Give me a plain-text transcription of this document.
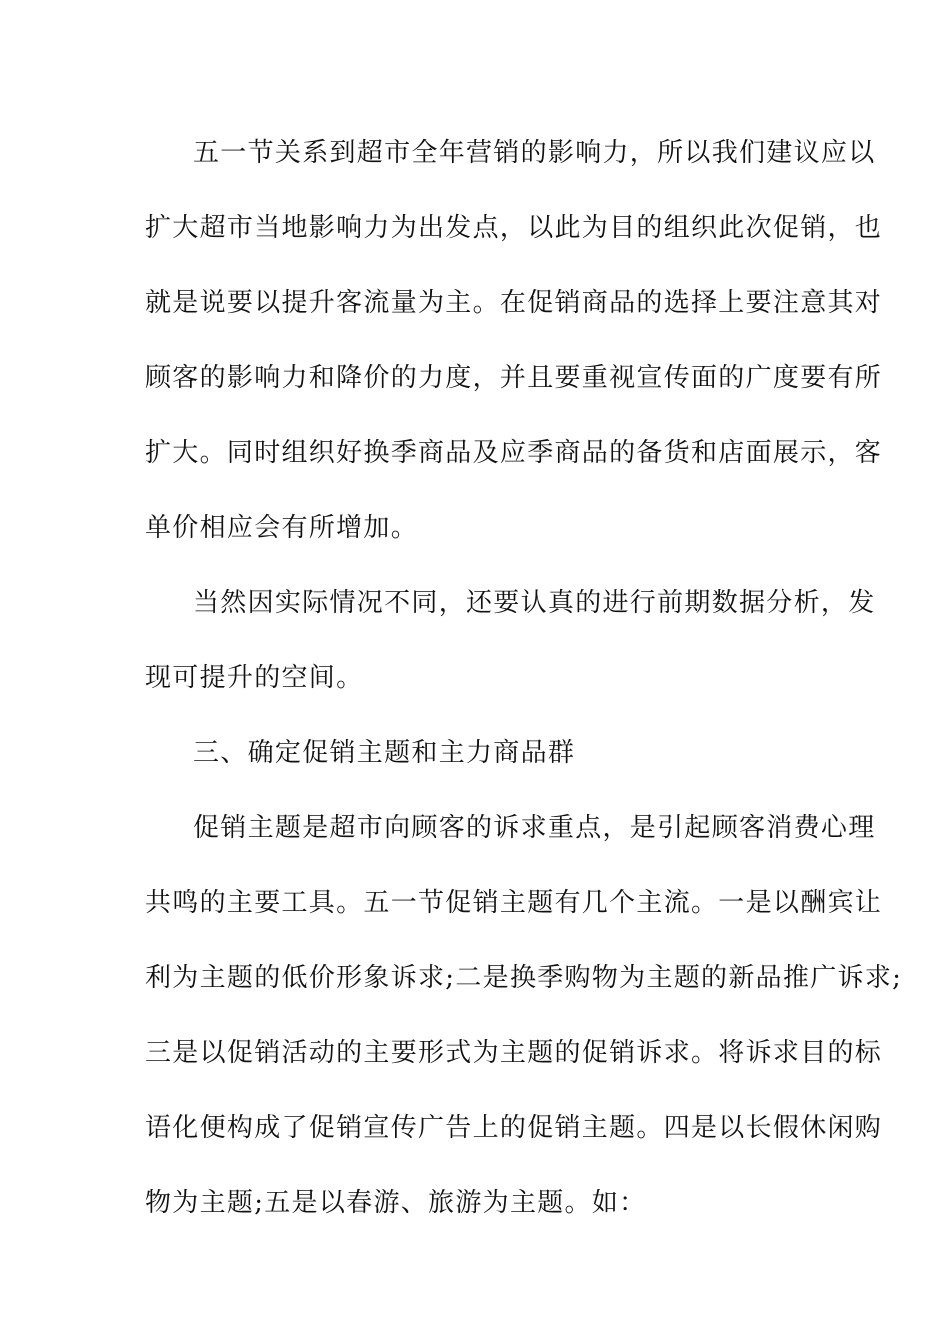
五一节关系到超市全年营销的影响力，所以我们建议应以
扩大超市当地影响力为出发点，以此为目的组织此次促销，也
就是说要以提升客流量为主。在促销商品的选择上要注意其对
顾客的影响力和降价的力度，并且要重视宣传面的广度要有所
扩大。同时组织好换季商品及应季商品的备货和店面展示，客
单价相应会有所增加。
当然因实际情况不同，还要认真的进行前期数据分析，发
现可提升的空间。
三、确定促销主题和主力商品群
促销主题是超市向顾客的诉求重点，是引起顾客消费心理
共鸣的主要工具。五一节促销主题有几个主流。一是以酬宾让
利为主题的低价形象诉求;二是换季购物为主题的新品推广诉求;
三是以促销活动的主要形式为主题的促销诉求。将诉求目的标
语化便构成了促销宣传广告上的促销主题。四是以长假休闲购
物为主题;五是以春游、旅游为主题。如：
